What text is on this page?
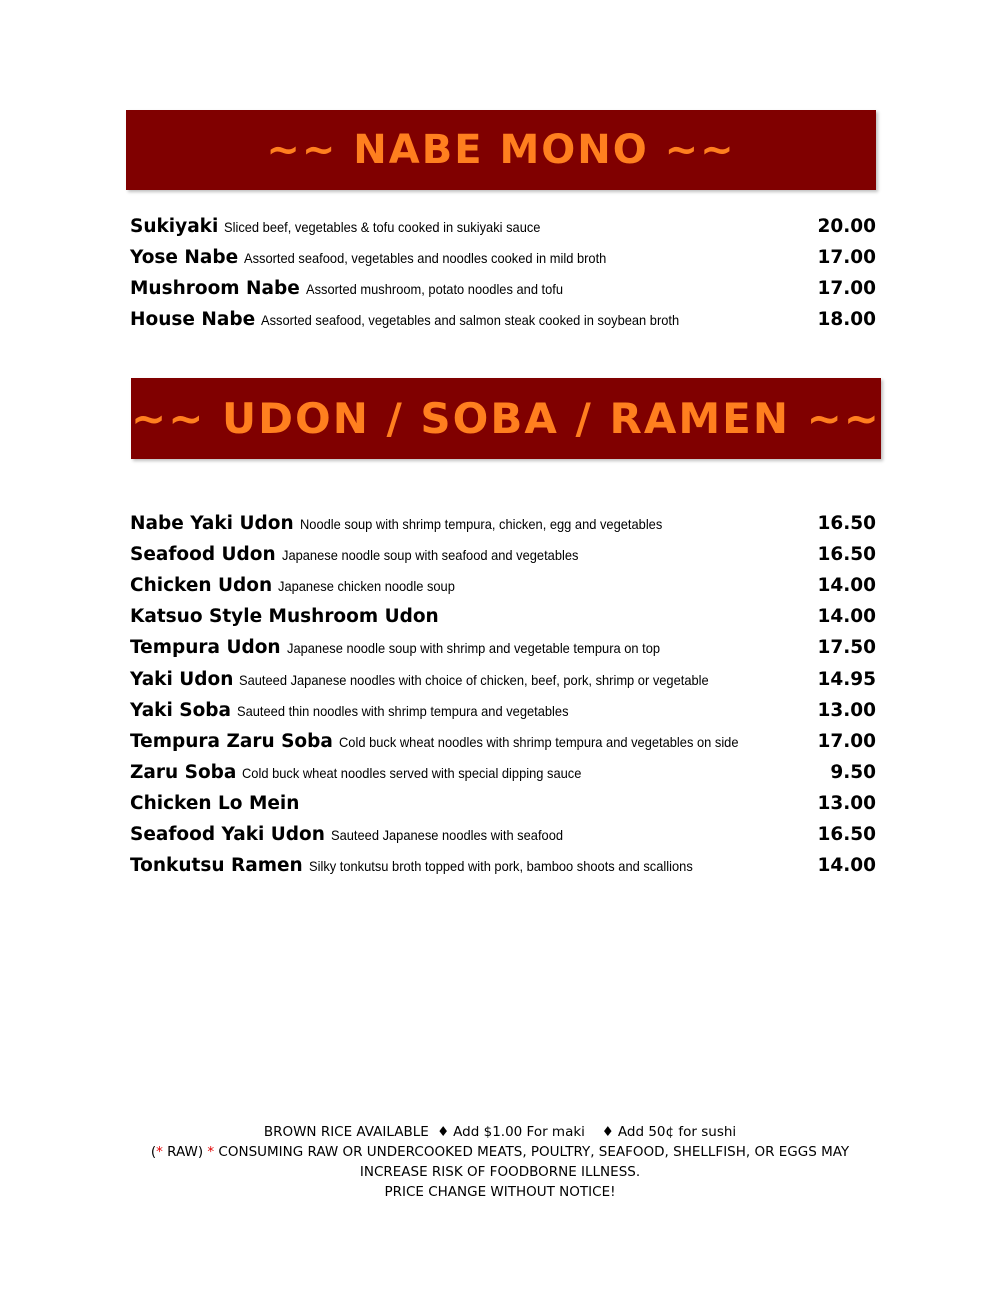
~~ NABE MONO ~~
Sukiyaki Sliced beef, vegetables & tofu cooked in sukiyaki sauce	20.00
Yose Nabe Assorted seafood, vegetables and noodles cooked in mild broth	17.00
Mushroom Nabe Assorted mushroom, potato noodles and tofu	17.00
House Nabe Assorted seafood, vegetables and salmon steak cooked in soybean broth	18.00
~~ UDON / SOBA / RAMEN ~~
Nabe Yaki Udon Noodle soup with shrimp tempura, chicken, egg and vegetables	16.50
Seafood Udon Japanese noodle soup with seafood and vegetables	16.50
Chicken Udon Japanese chicken noodle soup	14.00
Katsuo Style Mushroom Udon	14.00
Tempura Udon Japanese noodle soup with shrimp and vegetable tempura on top	17.50
Yaki Udon Sauteed Japanese noodles with choice of chicken, beef, pork, shrimp or vegetable	14.95
Yaki Soba Sauteed thin noodles with shrimp tempura and vegetables	13.00
Tempura Zaru Soba Cold buck wheat noodles with shrimp tempura and vegetables on side	17.00
Zaru Soba Cold buck wheat noodles served with special dipping sauce	9.50
Chicken Lo Mein	13.00
Seafood Yaki Udon Sauteed Japanese noodles with seafood	16.50
Tonkutsu Ramen Silky tonkutsu broth topped with pork, bamboo shoots and scallions	14.00

BROWN RICE AVAILABLE ♦ Add $1.00 For maki ♦ Add 50¢ for sushi

(* RAW) * CONSUMING RAW OR UNDERCOOKED MEATS, POULTRY, SEAFOOD, SHELLFISH, OR EGGS MAY

INCREASE RISK OF FOODBORNE ILLNESS.

PRICE CHANGE WITHOUT NOTICE!
